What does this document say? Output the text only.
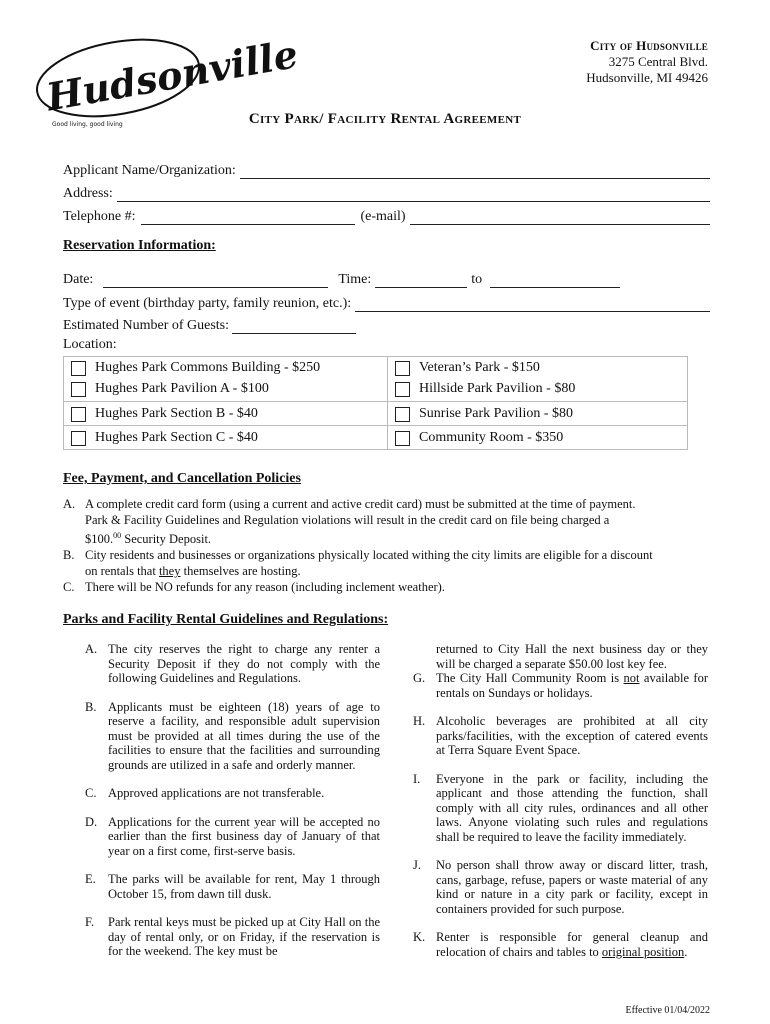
Hudsonville
Good living, good living
City of Hudsonville
3275 Central Blvd.
Hudsonville, MI 49426
City Park/ Facility Rental Agreement
Applicant Name/Organization:
Address:
Telephone #:	(e-mail)
Reservation Information:
Date:	Time:	to
Type of event (birthday party, family reunion, etc.):
Estimated Number of Guests:
Location:
Hughes Park Commons Building - $250	Veteran’s Park - $150
Hughes Park Pavilion A - $100	Hillside Park Pavilion - $80
Hughes Park Section B - $40	Sunrise Park Pavilion - $80
Hughes Park Section C - $40	Community Room - $350
Fee, Payment, and Cancellation Policies
A. A complete credit card form (using a current and active credit card) must be submitted at the time of payment.
Park & Facility Guidelines and Regulation violations will result in the credit card on file being charged a
$100.00 Security Deposit.
B. City residents and businesses or organizations physically located withing the city limits are eligible for a discount
on rentals that they themselves are hosting.
C. There will be NO refunds for any reason (including inclement weather).
Parks and Facility Rental Guidelines and Regulations:
A. The city reserves the right to charge any renter a Security Deposit if they do not comply with the following Guidelines and Regulations.
B. Applicants must be eighteen (18) years of age to reserve a facility, and responsible adult supervision must be provided at all times during the use of the facilities to ensure that the facilities and surrounding grounds are utilized in a safe and orderly manner.
C. Approved applications are not transferable.
D. Applications for the current year will be accepted no earlier than the first business day of January of that year on a first come, first-serve basis.
E. The parks will be available for rent, May 1 through October 15, from dawn till dusk.
F. Park rental keys must be picked up at City Hall on the day of rental only, or on Friday, if the reservation is for the weekend. The key must be
returned to City Hall the next business day or they will be charged a separate $50.00 lost key fee.
G. The City Hall Community Room is not available for rentals on Sundays or holidays.
H. Alcoholic beverages are prohibited at all city parks/facilities, with the exception of catered events at Terra Square Event Space.
I. Everyone in the park or facility, including the applicant and those attending the function, shall comply with all city rules, ordinances and all other laws. Anyone violating such rules and regulations shall be required to leave the facility immediately.
J. No person shall throw away or discard litter, trash, cans, garbage, refuse, papers or waste material of any kind or nature in a city park or facility, except in containers provided for such purpose.
K. Renter is responsible for general cleanup and relocation of chairs and tables to original position.
Effective 01/04/2022
